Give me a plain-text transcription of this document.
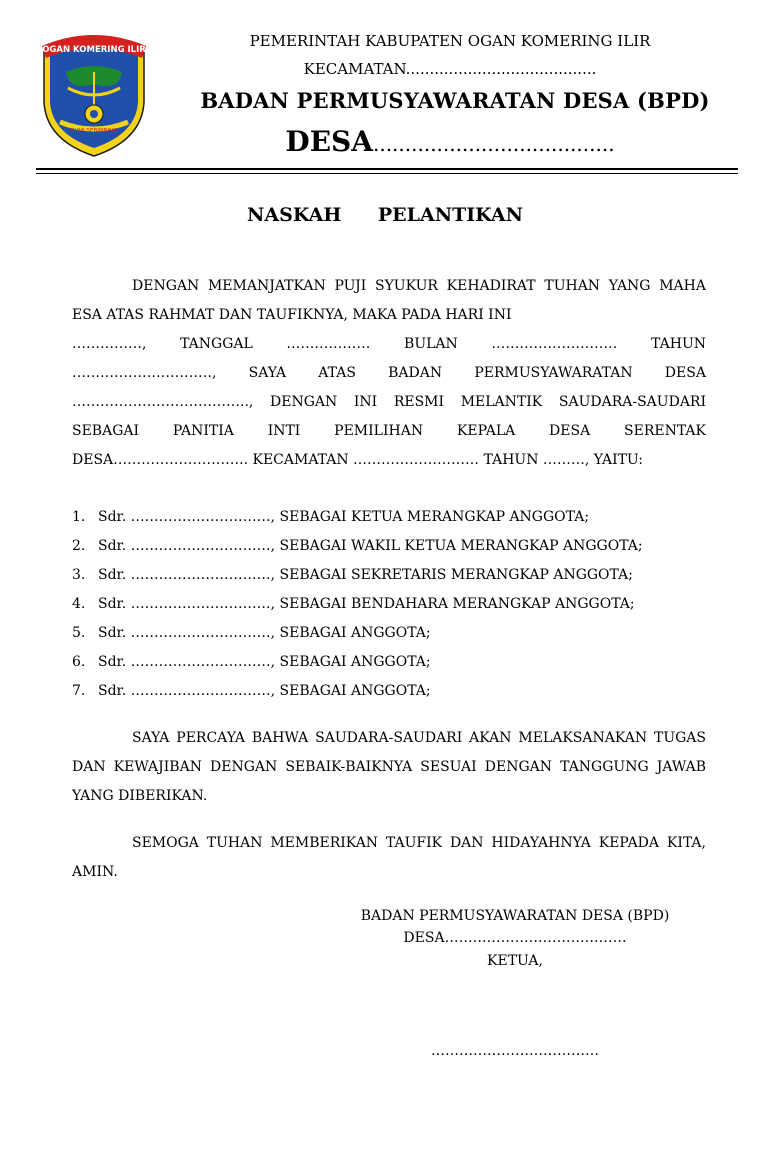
OGAN KOMERING ILIR
BUMI SEBIMBING
PEMERINTAH KABUPATEN OGAN KOMERING ILIR
KECAMATAN........................................
BADAN PERMUSYAWARATAN DESA (BPD)
DESA......................................
NASKAH PELANTIKAN

DENGAN MEMANJATKAN PUJI SYUKUR KEHADIRAT TUHAN YANG MAHA ESA ATAS RAHMAT DAN TAUFIKNYA, MAKA PADA HARI INI

……………, TANGGAL ……………… BULAN ……………………… TAHUN
…………………………, SAYA ATAS BADAN PERMUSYAWARATAN DESA
……………………………….., DENGAN INI RESMI MELANTIK SAUDARA-SAUDARI SEBAGAI PANITIA INTI PEMILIHAN KEPALA DESA SERENTAK
DESA……………………….. KECAMATAN ……………………… TAHUN ………, YAITU:
1. Sdr. …………………………, SEBAGAI KETUA MERANGKAP ANGGOTA;
2. Sdr. …………………………, SEBAGAI WAKIL KETUA MERANGKAP ANGGOTA;
3. Sdr. …………………………, SEBAGAI SEKRETARIS MERANGKAP ANGGOTA;
4. Sdr. …………………………, SEBAGAI BENDAHARA MERANGKAP ANGGOTA;
5. Sdr. …………………………, SEBAGAI ANGGOTA;
6. Sdr. …………………………, SEBAGAI ANGGOTA;
7. Sdr. …………………………, SEBAGAI ANGGOTA;

SAYA PERCAYA BAHWA SAUDARA-SAUDARI AKAN MELAKSANAKAN TUGAS DAN KEWAJIBAN DENGAN SEBAIK-BAIKNYA SESUAI DENGAN TANGGUNG JAWAB YANG DIBERIKAN.

SEMOGA TUHAN MEMBERIKAN TAUFIK DAN HIDAYAHNYA KEPADA KITA, AMIN.

BADAN PERMUSYAWARATAN DESA (BPD)
DESA…………………………………
KETUA,
………………………………
